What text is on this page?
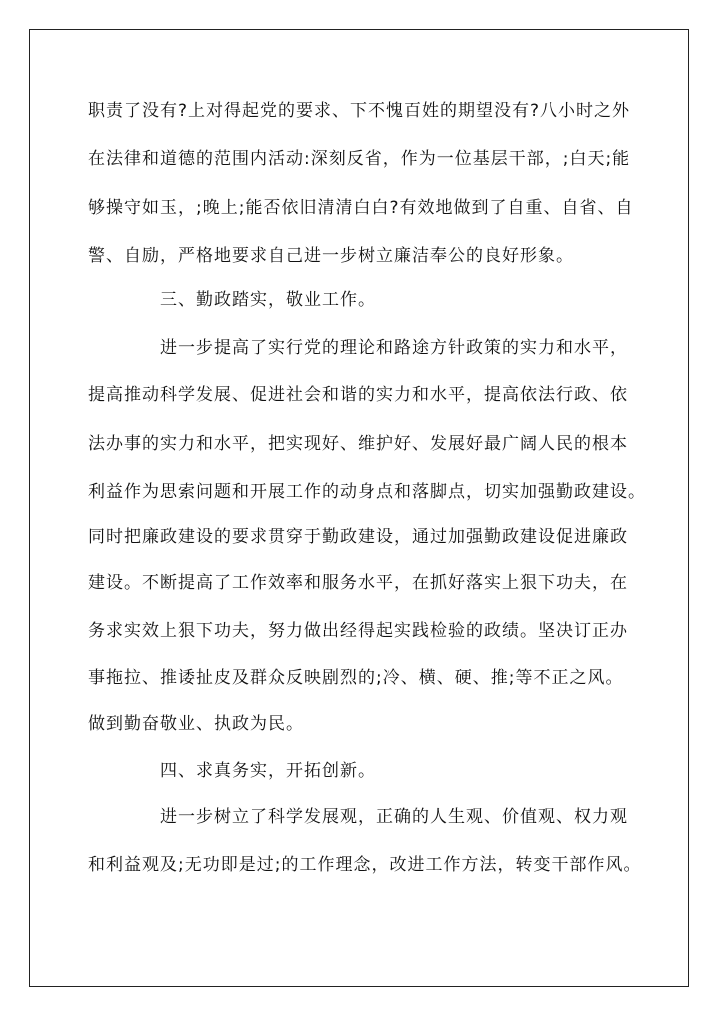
职责了没有?上对得起党的要求、下不愧百姓的期望没有?八小时之外
在法律和道德的范围内活动:深刻反省，作为一位基层干部，;白天;能
够操守如玉，;晚上;能否依旧清清白白?有效地做到了自重、自省、自
警、自励，严格地要求自己进一步树立廉洁奉公的良好形象。
三、勤政踏实，敬业工作。
进一步提高了实行党的理论和路途方针政策的实力和水平，
提高推动科学发展、促进社会和谐的实力和水平，提高依法行政、依
法办事的实力和水平，把实现好、维护好、发展好最广阔人民的根本
利益作为思索问题和开展工作的动身点和落脚点，切实加强勤政建设。
同时把廉政建设的要求贯穿于勤政建设，通过加强勤政建设促进廉政
建设。不断提高了工作效率和服务水平，在抓好落实上狠下功夫，在
务求实效上狠下功夫，努力做出经得起实践检验的政绩。坚决订正办
事拖拉、推诿扯皮及群众反映剧烈的;冷、横、硬、推;等不正之风。
做到勤奋敬业、执政为民。
四、求真务实，开拓创新。
进一步树立了科学发展观，正确的人生观、价值观、权力观
和利益观及;无功即是过;的工作理念，改进工作方法，转变干部作风。
